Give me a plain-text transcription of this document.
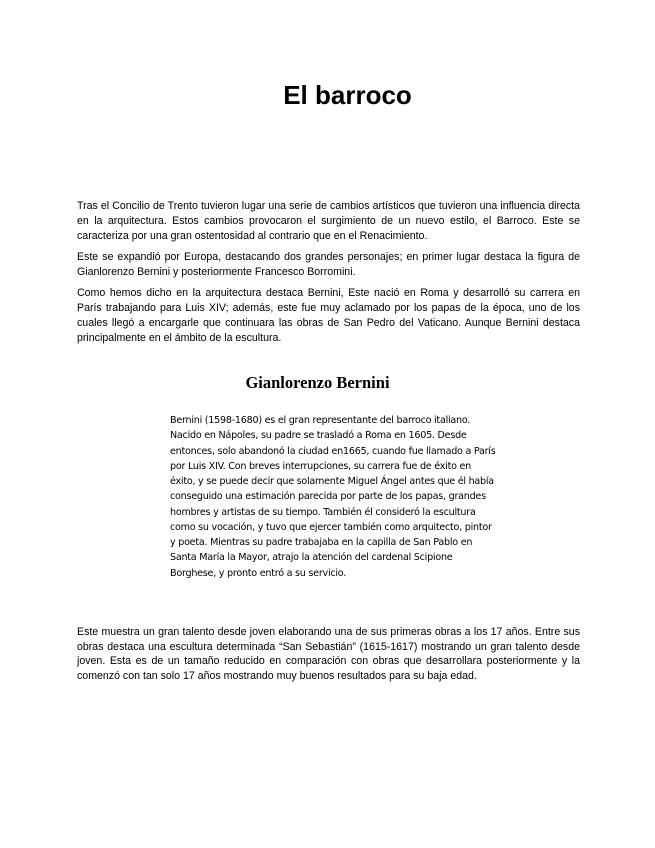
El barroco

Tras el Concilio de Trento tuvieron lugar una serie de cambios artísticos que tuvieron una influencia directa en la arquitectura. Estos cambios provocaron el surgimiento de un nuevo estilo, el Barroco. Este se caracteriza por una gran ostentosidad al contrario que en el Renacimiento.

Este se expandió por Europa, destacando dos grandes personajes; en primer lugar destaca la figura de Gianlorenzo Bernini y posteriormente Francesco Borromini.

Como hemos dicho en la arquitectura destaca Bernini, Este nació en Roma y desarrolló su carrera en París trabajando para Luis XIV; además, este fue muy aclamado por los papas de la época, uno de los cuales llegó a encargarle que continuara las obras de San Pedro del Vaticano. Aunque Bernini destaca principalmente en el ámbito de la escultura.

Gianlorenzo Bernini

Bernini (1598-1680) es el gran representante del barroco italiano. Nacido en Nápoles, su padre se trasladó a Roma en 1605. Desde entonces, solo abandonó la ciudad en1665, cuando fue llamado a París por Luis XIV. Con breves interrupciones, su carrera fue de éxito en éxito, y se puede decir que solamente Miguel Ángel antes que él había conseguido una estimación parecida por parte de los papas, grandes hombres y artistas de su tiempo. También él consideró la escultura como su vocación, y tuvo que ejercer también como arquitecto, pintor y poeta. Mientras su padre trabajaba en la capilla de San Pablo en Santa María la Mayor, atrajo la atención del cardenal Scipione Borghese, y pronto entró a su servicio.

Este muestra un gran talento desde joven elaborando una de sus primeras obras a los 17 años. Entre sus obras destaca una escultura determinada “San Sebastián” (1615-1617) mostrando un gran talento desde joven. Esta es de un tamaño reducido en comparación con obras que desarrollara posteriormente y la comenzó con tan solo 17 años mostrando muy buenos resultados para su baja edad.
